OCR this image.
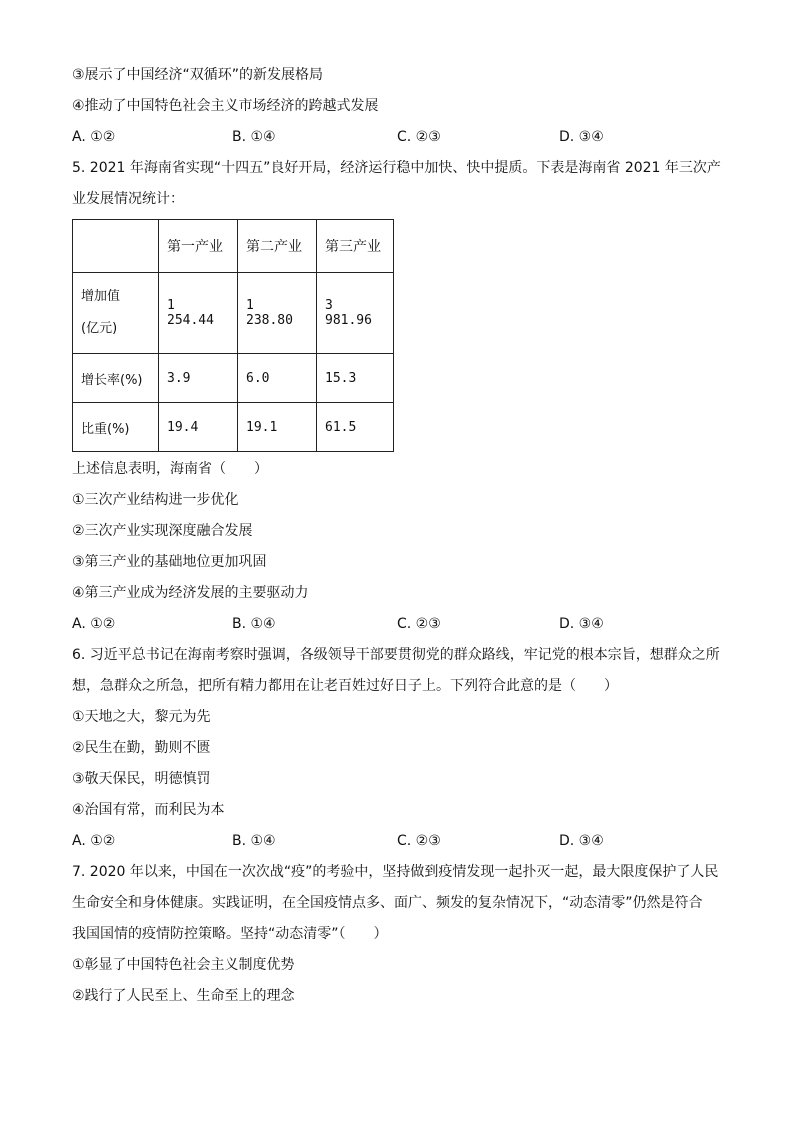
③展示了中国经济“双循环”的新发展格局
④推动了中国特色社会主义市场经济的跨越式发展
A. ①②	B. ①④	C. ②③	D. ③④
5. 2021 年海南省实现“十四五”良好开局，经济运行稳中加快、快中提质。下表是海南省 2021 年三次产
业发展情况统计：
	第一产业	第二产业	第三产业

增加值
(亿元)	1 254.44	1 238.80	3 981.96
增长率(%)	3.9	6.0	15.3
比重(%)	19.4	19.1	61.5
上述信息表明，海南省（　　）
①三次产业结构进一步优化
②三次产业实现深度融合发展
③第三产业的基础地位更加巩固
④第三产业成为经济发展的主要驱动力
A. ①②	B. ①④	C. ②③	D. ③④
6. 习近平总书记在海南考察时强调，各级领导干部要贯彻党的群众路线，牢记党的根本宗旨，想群众之所
想，急群众之所急，把所有精力都用在让老百姓过好日子上。下列符合此意的是（　　）
①天地之大，黎元为先
②民生在勤，勤则不匮
③敬天保民，明德慎罚
④治国有常，而利民为本
A. ①②	B. ①④	C. ②③	D. ③④
7. 2020 年以来，中国在一次次战“疫”的考验中，坚持做到疫情发现一起扑灭一起，最大限度保护了人民
生命安全和身体健康。实践证明，在全国疫情点多、面广、频发的复杂情况下，“动态清零”仍然是符合
我国国情的疫情防控策略。坚持“动态清零”（　　）
①彰显了中国特色社会主义制度优势
②践行了人民至上、生命至上的理念
